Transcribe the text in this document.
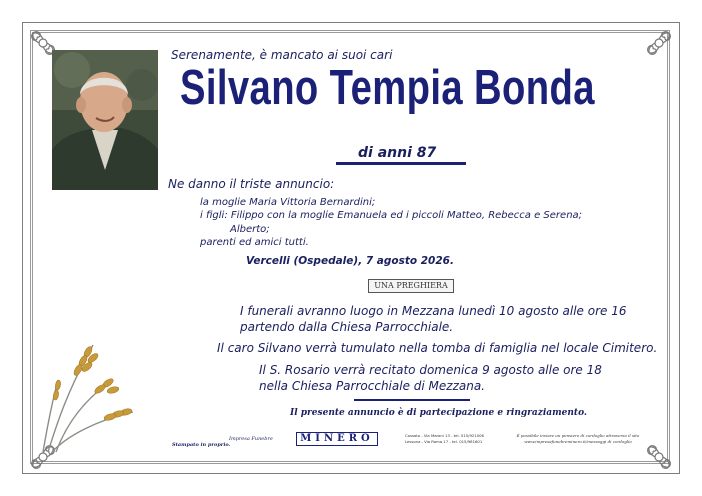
Serenamente, è mancato ai suoi cari
Silvano Tempia Bonda
di anni 87
Ne danno il triste annuncio:
la moglie Maria Vittoria Bernardini;
i figli: Filippo con la moglie Emanuela ed i piccoli Matteo, Rebecca e Serena;
Alberto;
parenti ed amici tutti.
Vercelli (Ospedale), 7 agosto 2026.
UNA PREGHIERA
I funerali avranno luogo in Mezzana lunedì 10 agosto alle ore 16
partendo dalla Chiesa Parrocchiale.
Il caro Silvano verrà tumulato nella tomba di famiglia nel locale Cimitero.
Il S. Rosario verrà recitato domenica 9 agosto alle ore 18
nella Chiesa Parrocchiale di Mezzana.
Il presente annuncio è di partecipazione e ringraziamento.
Stampato in proprio.
Impresa Funebre	MINERO	Cossato - Via Maroni 13 - tel. 015/921006
Lessona - Via Roma 17 - tel. 015/981601
È possibile inviare un pensiero di cordoglio attraverso il sito
www.impresafunebreminero.it/messaggi di cordoglio
